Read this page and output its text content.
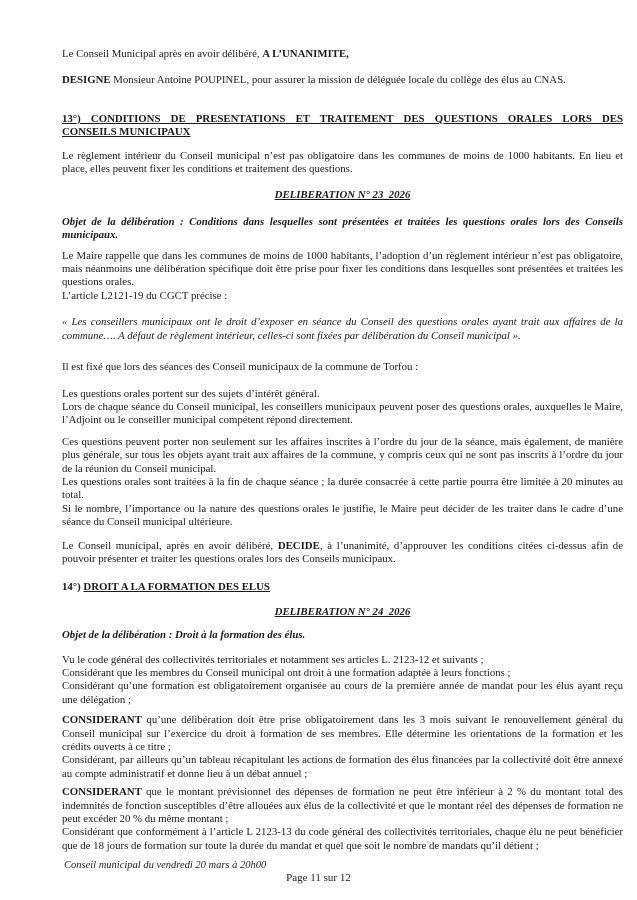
Le Conseil Municipal après en avoir délibéré, A L’UNANIMITE,

DESIGNE Monsieur Antoine POUPINEL, pour assurer la mission de déléguée locale du collège des élus au CNAS.

13°) CONDITIONS DE PRESENTATIONS ET TRAITEMENT DES QUESTIONS ORALES LORS DES
CONSEILS MUNICIPAUX

Le règlement intérieur du Conseil municipal n’est pas obligatoire dans les communes de moins de 1000 habitants. En lieu et place, elles peuvent fixer les conditions et traitement des questions.

DELIBERATION N° 23_2026

Objet de la délibération : Conditions dans lesquelles sont présentées et traitées les questions orales lors des Conseils municipaux.

Le Maire rappelle que dans les communes de moins de 1000 habitants, l’adoption d’un règlement intérieur n’est pas obligatoire, mais néanmoins une délibération spécifique doit être prise pour fixer les conditions dans lesquelles sont présentées et traitées les questions orales.

L’article L2121-19 du CGCT précise :

« Les conseillers municipaux ont le droit d’exposer en séance du Conseil des questions orales ayant trait aux affaires de la commune…. A défaut de règlement intérieur, celles-ci sont fixées par délibération du Conseil municipal ».

Il est fixé que lors des séances des Conseil municipaux de la commune de Torfou :

Les questions orales portent sur des sujets d’intérêt général.

Lors de chaque séance du Conseil municipal, les conseillers municipaux peuvent poser des questions orales, auxquelles le Maire, l’Adjoint ou le conseiller municipal compétent répond directement.

Ces questions peuvent porter non seulement sur les affaires inscrites à l’ordre du jour de la séance, mais également, de manière plus générale, sur tous les objets ayant trait aux affaires de la commune, y compris ceux qui ne sont pas inscrits à l’ordre du jour de la réunion du Conseil municipal.

Les questions orales sont traitées à la fin de chaque séance ; la durée consacrée à cette partie pourra être limitée à 20 minutes au total.

Si le nombre, l’importance ou la nature des questions orales le justifie, le Maire peut décider de les traiter dans le cadre d’une séance du Conseil municipal ultérieure.

Le Conseil municipal, après en avoir délibéré, DECIDE, à l’unanimité, d’approuver les conditions citées ci-dessus afin de pouvoir présenter et traiter les questions orales lors des Conseils municipaux.

14°) DROIT A LA FORMATION DES ELUS

DELIBERATION N° 24_2026

Objet de la délibération : Droit à la formation des élus.

Vu le code général des collectivités territoriales et notamment ses articles L. 2123-12 et suivants ;

Considérant que les membres du Conseil municipal ont droit à une formation adaptée à leurs fonctions ;

Considérant qu’une formation est obligatoirement organisée au cours de la première année de mandat pour les élus ayant reçu une délégation ;

CONSIDERANT qu’une délibération doit être prise obligatoirement dans les 3 mois suivant le renouvellement général du Conseil municipal sur l’exercice du droit à formation de ses membres. Elle détermine les orientations de la formation et les crédits ouverts à ce titre ;

Considérant, par ailleurs qu’un tableau récapitulant les actions de formation des élus financées par la collectivité doit être annexé au compte administratif et donne lieu à un débat annuel ;

CONSIDERANT que le montant prévisionnel des dépenses de formation ne peut être inférieur à 2 % du montant total des indemnités de fonction susceptibles d’être allouées aux élus de la collectivité et que le montant réel des dépenses de formation ne peut excéder 20 % du même montant ;

Considérant que conformément à l’article L 2123-13 du code général des collectivités territoriales, chaque élu ne peut bénéficier que de 18 jours de formation sur toute la durée du mandat et quel que soit le nombre de mandats qu’il détient ;

Conseil municipal du vendredi 20 mars à 20h00
Page 11 sur 12
